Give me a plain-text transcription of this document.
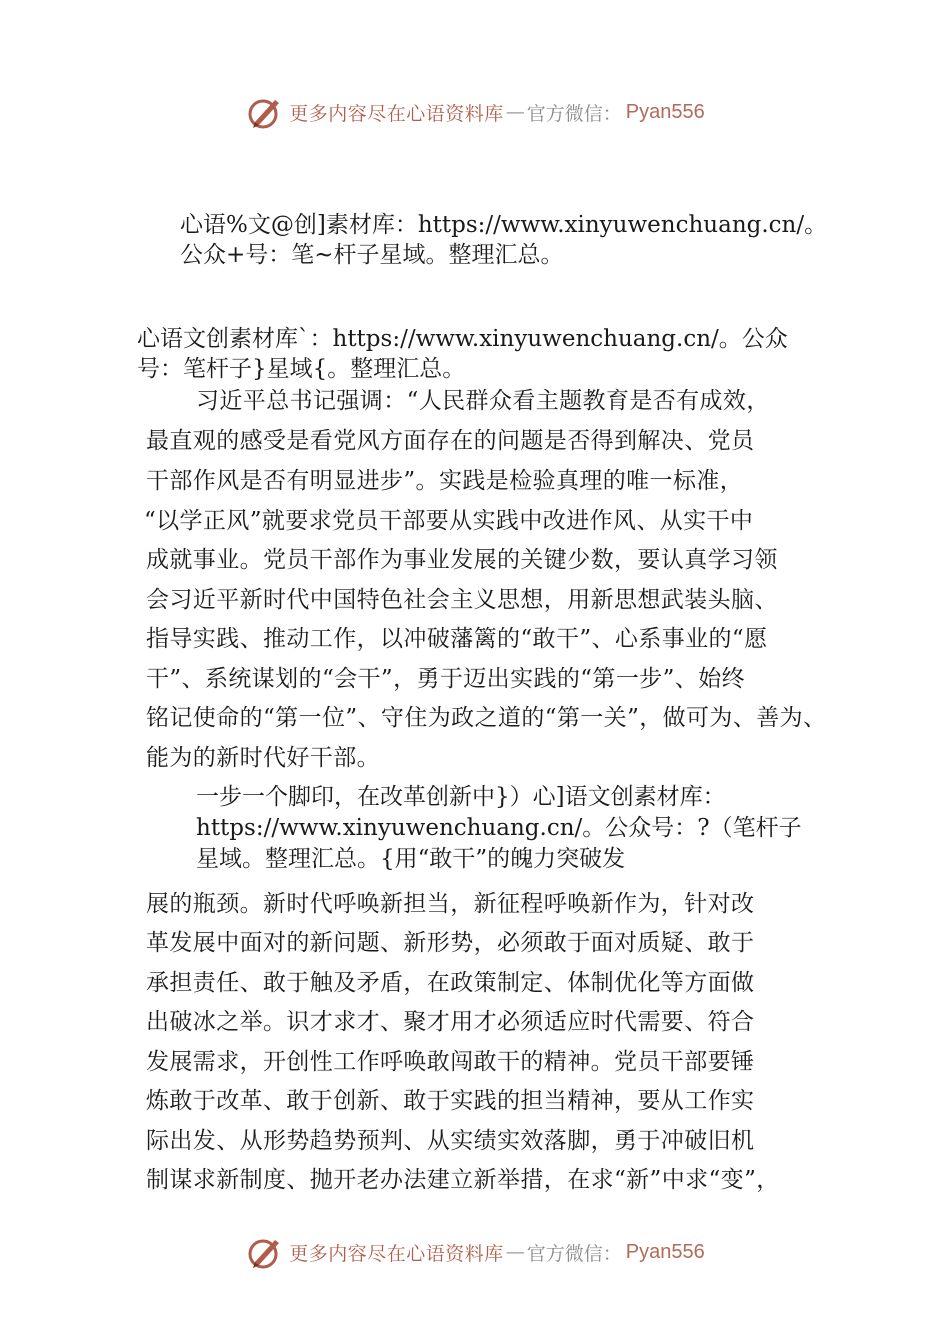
更多内容尽在心语资料库 — 官方微信： Pyan556
心语%文@创]素材库：https://www.xinyuwenchuang.cn/。
公众+号：笔~杆子星域。整理汇总。
心语文创素材库`：https://www.xinyuwenchuang.cn/。公众
号：笔杆子}星域{。整理汇总。
习近平总书记强调：“人民群众看主题教育是否有成效，
最直观的感受是看党风方面存在的问题是否得到解决、党员
干部作风是否有明显进步”。实践是检验真理的唯一标准，
“以学正风”就要求党员干部要从实践中改进作风、从实干中
成就事业。党员干部作为事业发展的关键少数，要认真学习领
会习近平新时代中国特色社会主义思想，用新思想武装头脑、
指导实践、推动工作，以冲破藩篱的“敢干”、心系事业的“愿
干”、系统谋划的“会干”，勇于迈出实践的“第一步”、始终
铭记使命的“第一位”、守住为政之道的“第一关”，做可为、善为、
能为的新时代好干部。
一步一个脚印，在改革创新中}）心]语文创素材库：
https://www.xinyuwenchuang.cn/。公众号：?（笔杆子
星域。整理汇总。{用“敢干”的魄力突破发
展的瓶颈。新时代呼唤新担当，新征程呼唤新作为，针对改
革发展中面对的新问题、新形势，必须敢于面对质疑、敢于
承担责任、敢于触及矛盾，在政策制定、体制优化等方面做
出破冰之举。识才求才、聚才用才必须适应时代需要、符合
发展需求，开创性工作呼唤敢闯敢干的精神。党员干部要锤
炼敢于改革、敢于创新、敢于实践的担当精神，要从工作实
际出发、从形势趋势预判、从实绩实效落脚，勇于冲破旧机
制谋求新制度、抛开老办法建立新举措，在求“新”中求“变”，
更多内容尽在心语资料库 — 官方微信： Pyan556
